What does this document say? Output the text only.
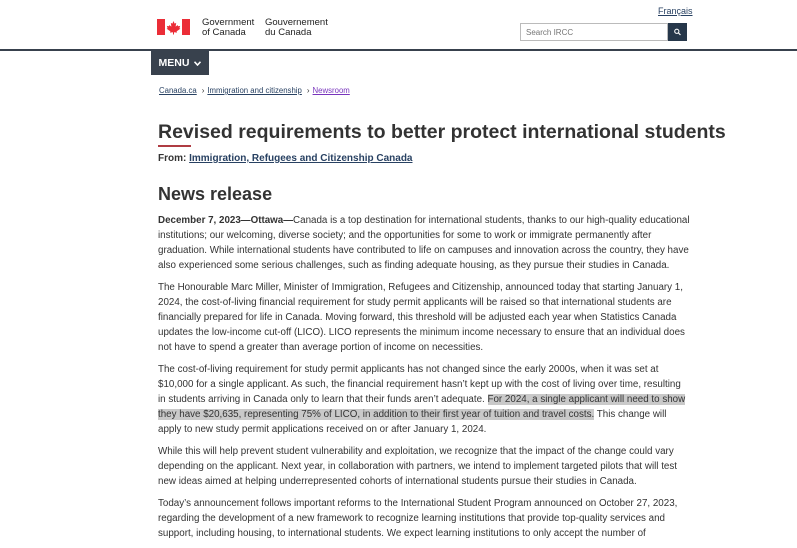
Government
of Canada
Gouvernement
du Canada
Français
Search IRCC
MENU
Canada.ca › Immigration and citizenship › Newsroom
Revised requirements to better protect international students
From: Immigration, Refugees and Citizenship Canada
News release

December 7, 2023—Ottawa—Canada is a top destination for international students, thanks to our high-quality educational institutions; our welcoming, diverse society; and the opportunities for some to work or immigrate permanently after graduation. While international students have contributed to life on campuses and innovation across the country, they have also experienced some serious challenges, such as finding adequate housing, as they pursue their studies in Canada.

The Honourable Marc Miller, Minister of Immigration, Refugees and Citizenship, announced today that starting January 1, 2024, the cost-of-living financial requirement for study permit applicants will be raised so that international students are financially prepared for life in Canada. Moving forward, this threshold will be adjusted each year when Statistics Canada updates the low-income cut-off (LICO). LICO represents the minimum income necessary to ensure that an individual does not have to spend a greater than average portion of income on necessities.

The cost-of-living requirement for study permit applicants has not changed since the early 2000s, when it was set at $10,000 for a single applicant. As such, the financial requirement hasn’t kept up with the cost of living over time, resulting in students arriving in Canada only to learn that their funds aren’t adequate. For 2024, a single applicant will need to show they have $20,635, representing 75% of LICO, in addition to their first year of tuition and travel costs. This change will apply to new study permit applications received on or after January 1, 2024.

While this will help prevent student vulnerability and exploitation, we recognize that the impact of the change could vary depending on the applicant. Next year, in collaboration with partners, we intend to implement targeted pilots that will test new ideas aimed at helping underrepresented cohorts of international students pursue their studies in Canada.

Today’s announcement follows important reforms to the International Student Program announced on October 27, 2023, regarding the development of a new framework to recognize learning institutions that provide top-quality services and support, including housing, to international students. We expect learning institutions to only accept the number of
